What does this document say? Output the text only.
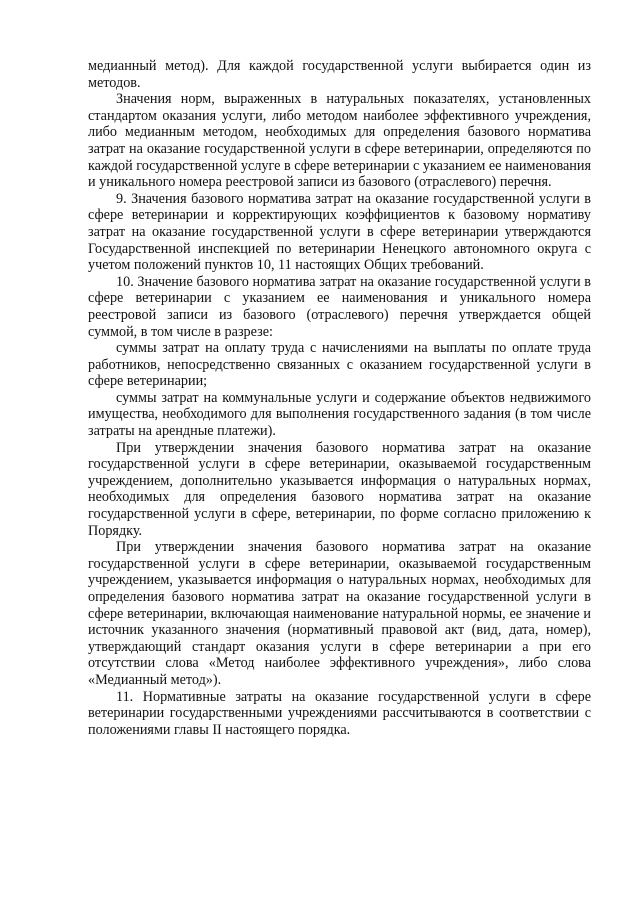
медианный метод). Для каждой государственной услуги выбирается один из методов.

Значения норм, выраженных в натуральных показателях, установленных стандартом оказания услуги, либо методом наиболее эффективного учреждения, либо медианным методом, необходимых для определения базового норматива затрат на оказание государственной услуги в сфере ветеринарии, определяются по каждой государственной услуге в сфере ветеринарии с указанием ее наименования и уникального номера реестровой записи из базового (отраслевого) перечня.

9. Значения базового норматива затрат на оказание государственной услуги в сфере ветеринарии и корректирующих коэффициентов к базовому нормативу затрат на оказание государственной услуги в сфере ветеринарии утверждаются Государственной инспекцией по ветеринарии Ненецкого автономного округа с учетом положений пунктов 10, 11 настоящих Общих требований.

10. Значение базового норматива затрат на оказание государственной услуги в сфере ветеринарии с указанием ее наименования и уникального номера реестровой записи из базового (отраслевого) перечня утверждается общей суммой, в том числе в разрезе:

суммы затрат на оплату труда с начислениями на выплаты по оплате труда работников, непосредственно связанных с оказанием государственной услуги в сфере ветеринарии;

суммы затрат на коммунальные услуги и содержание объектов недвижимого имущества, необходимого для выполнения государственного задания (в том числе затраты на арендные платежи).

При утверждении значения базового норматива затрат на оказание государственной услуги в сфере ветеринарии, оказываемой государственным учреждением, дополнительно указывается информация о натуральных нормах, необходимых для определения базового норматива затрат на оказание государственной услуги в сфере, ветеринарии, по форме согласно приложению к Порядку.

При утверждении значения базового норматива затрат на оказание государственной услуги в сфере ветеринарии, оказываемой государственным учреждением, указывается информация о натуральных нормах, необходимых для определения базового норматива затрат на оказание государственной услуги в сфере ветеринарии, включающая наименование натуральной нормы, ее значение и источник указанного значения (нормативный правовой акт (вид, дата, номер), утверждающий стандарт оказания услуги в сфере ветеринарии а при его отсутствии слова «Метод наиболее эффективного учреждения», либо слова «Медианный метод»).

11. Нормативные затраты на оказание государственной услуги в сфере ветеринарии государственными учреждениями рассчитываются в соответствии с положениями главы II настоящего порядка.
